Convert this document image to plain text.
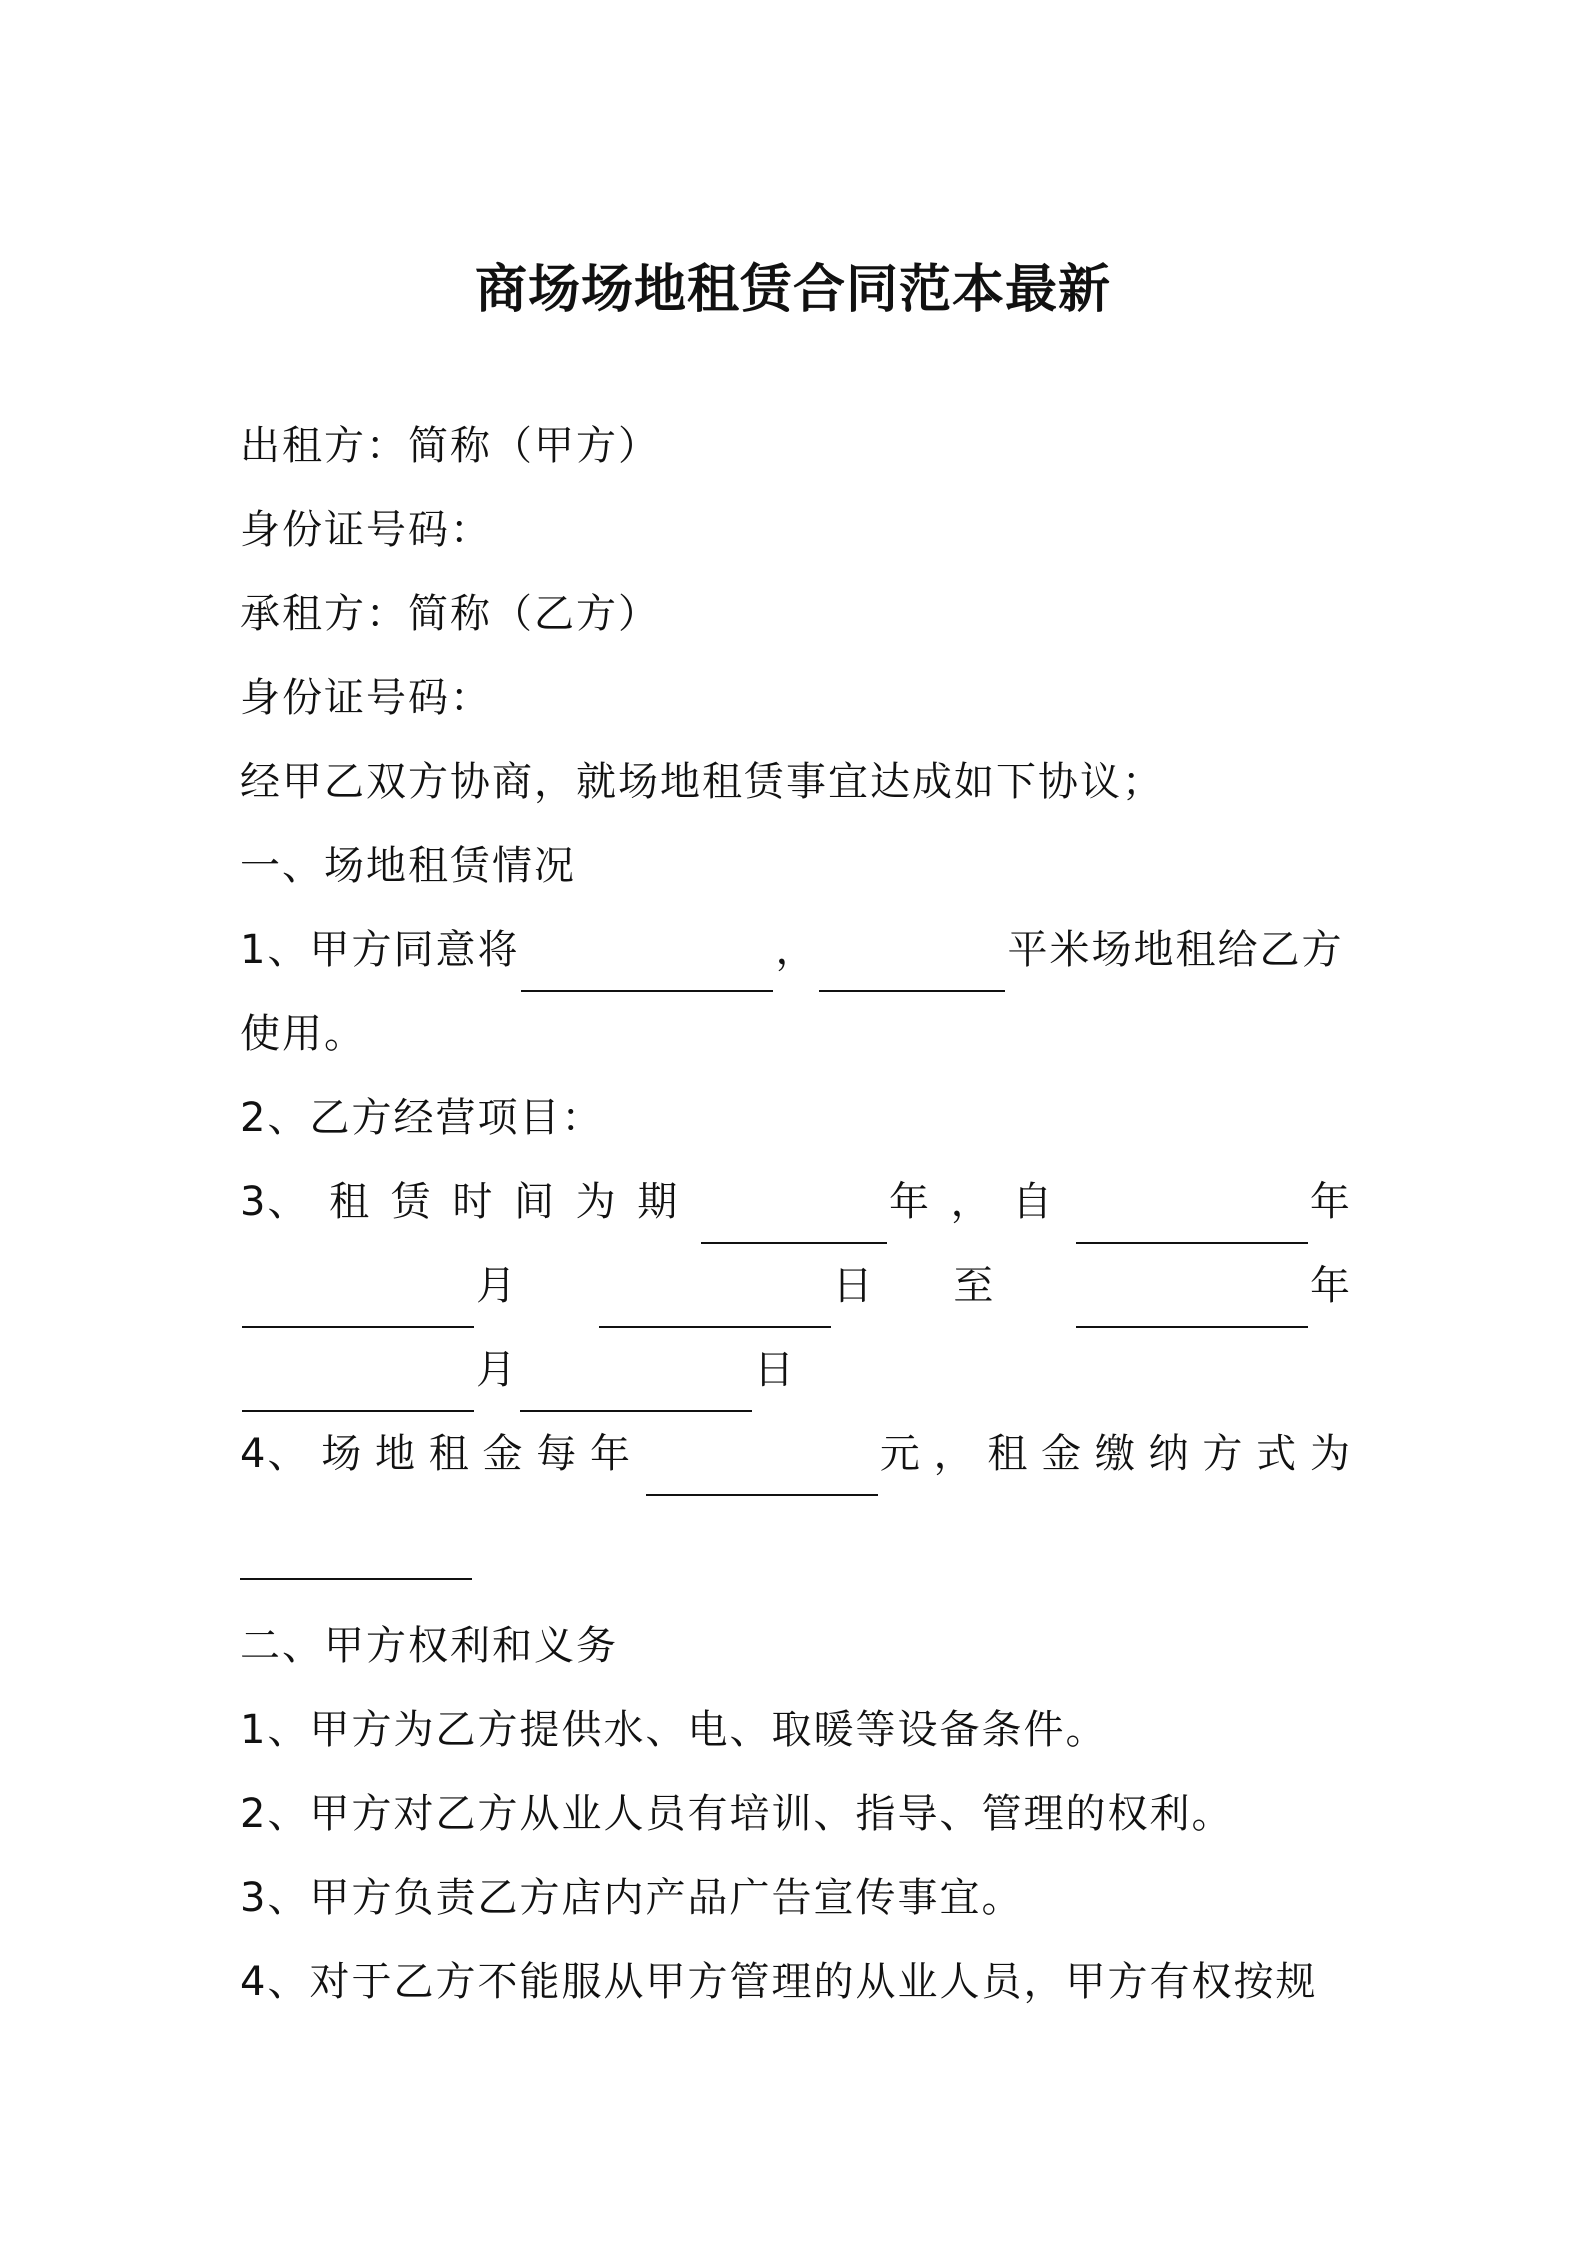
商场场地租赁合同范本最新
出租方：简称（甲方）
身份证号码：
承租方：简称（乙方）
身份证号码：
经甲乙双方协商，就场地租赁事宜达成如下协议；
一、场地租赁情况
1、甲方同意将	，	平米场地租给乙方
使用。
2、乙方经营项目：
3、 租 赁 时 间 为 期	年 ， 自	年
月	日 至	年
月	日
4、 场 地 租 金 每 年	元 ， 租 金 缴 纳 方 式 为
二、甲方权利和义务
1、甲方为乙方提供水、电、取暖等设备条件。
2、甲方对乙方从业人员有培训、指导、管理的权利。
3、甲方负责乙方店内产品广告宣传事宜。
4、对于乙方不能服从甲方管理的从业人员，甲方有权按规
